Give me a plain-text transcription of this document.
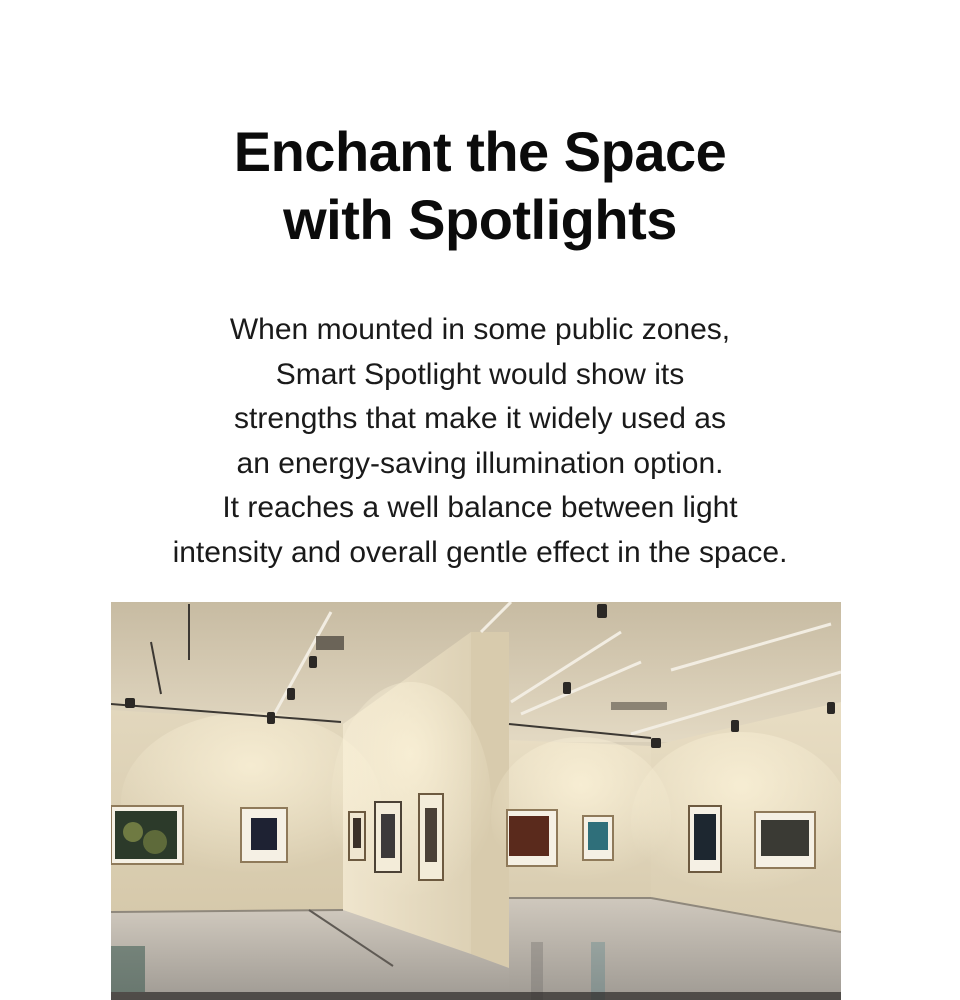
Enchant the Space
with Spotlights

When mounted in some public zones,
Smart Spotlight would show its
strengths that make it widely used as
an energy-saving illumination option.
It reaches a well balance between light
intensity and overall gentle effect in the space.
